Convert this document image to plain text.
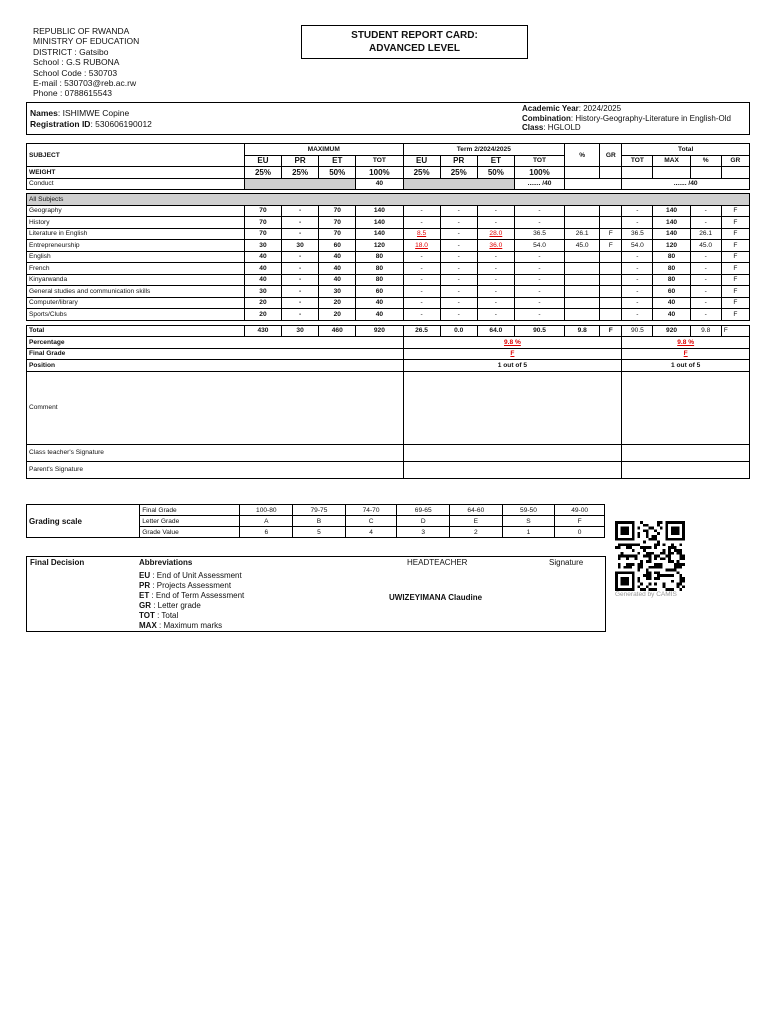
REPUBLIC OF RWANDA
MINISTRY OF EDUCATION
DISTRICT : Gatsibo
School : G.S RUBONA
School Code : 530703
E-mail : 530703@reb.ac.rw
Phone : 0788615543
STUDENT REPORT CARD:
ADVANCED LEVEL
Names: ISHIMWE Copine
Registration ID: 530606190012
Academic Year: 2024/2025
Combination: History-Geography-Literature in English-Old
Class: HGLOLD
SUBJECT	MAXIMUM				Term 2/2024/2025				%	GR	Total			
	EU	PR	ET	TOT	EU	PR	ET	TOT			TOT	MAX	%	GR
WEIGHT	25%	25%	50%	100%	25%	25%	50%	100%						
Conduct				40				....... /40			....... /40			

All Subjects														
Geography	70	-	70	140	-	-	-	-			-	140	-	F
History	70	-	70	140	-	-	-	-			-	140	-	F
Literature in English	70	-	70	140	8.5	-	28.0	36.5	26.1	F	36.5	140	26.1	F
Entrepreneurship	30	30	60	120	18.0	-	36.0	54.0	45.0	F	54.0	120	45.0	F
English	40	-	40	80	-	-	-	-			-	80	-	F
French	40	-	40	80	-	-	-	-			-	80	-	F
Kinyarwanda	40	-	40	80	-	-	-	-			-	80	-	F
General studies and communication skills	30	-	30	60	-	-	-	-			-	60	-	F
Computer/library	20	-	20	40	-	-	-	-			-	40	-	F
Sports/Clubs	20	-	20	40	-	-	-	-			-	40	-	F

Total	430	30	460	920	26.5	0.0	64.0	90.5	9.8	F	90.5	920	9.8	F
Percentage					9.8 %						9.8 %			
Final Grade					F						F			
Position					1 out of 5						1 out of 5			
Comment														
Class teacher's Signature														
Parent's Signature														
Grading scale	Final Grade	100-80	79-75	74-70	69-65	64-60	59-50	49-00
	Letter Grade	A	B	C	D	E	S	F
	Grade Value	6	5	4	3	2	1	0
Final Decision	Abbreviations
EU : End of Unit Assessment
PR : Projects Assessment
ET : End of Term Assessment
GR : Letter grade
TOT : Total
MAX : Maximum marks
HEADTEACHER	Signature
UWIZEYIMANA Claudine	Generated by CAMIS
